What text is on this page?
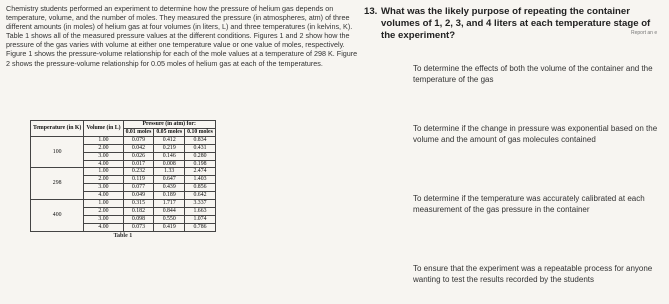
Chemistry students performed an experiment to determine how the pressure of helium gas depends on temperature, volume, and the number of moles. They measured the pressure (in atmospheres, atm) of three different amounts (in moles) of helium gas at four volumes (in liters, L) and three temperatures (in kelvins, K). Table 1 shows all of the measured pressure values at the different conditions. Figures 1 and 2 show how the pressure of the gas varies with volume at either one temperature value or one value of moles, respectively. Figure 1 shows the pressure-volume relationship for each of the mole values at a temperature of 298 K. Figure 2 shows the pressure-volume relationship for 0.05 moles of helium gas at each of the temperatures.

Temperature (in K)	Volume (in L)	Pressure (in atm) for:		
		0.01 moles	0.05 moles	0.10 moles
100	1.00	0.079	0.412	0.834
	2.00	0.042	0.219	0.431
	3.00	0.026	0.146	0.280
	4.00	0.017	0.008	0.198
298	1.00	0.232	1.33	2.474
	2.00	0.119	0.647	1.403
	3.00	0.077	0.439	0.856
	4.00	0.049	0.189	0.642
400	1.00	0.315	1.717	3.337
	2.00	0.182	0.844	1.663
	3.00	0.098	0.550	1.074
	4.00	0.073	0.419	0.786
Table 1
13. What was the likely purpose of repeating the container volumes of 1, 2, 3, and 4 liters at each temperature stage of the experiment?	Report an e
To determine the effects of both the volume of the container and the temperature of the gas
To determine if the change in pressure was exponential based on the volume and the amount of gas molecules contained
To determine if the temperature was accurately calibrated at each measurement of the gas pressure in the container
To ensure that the experiment was a repeatable process for anyone wanting to test the results recorded by the students
